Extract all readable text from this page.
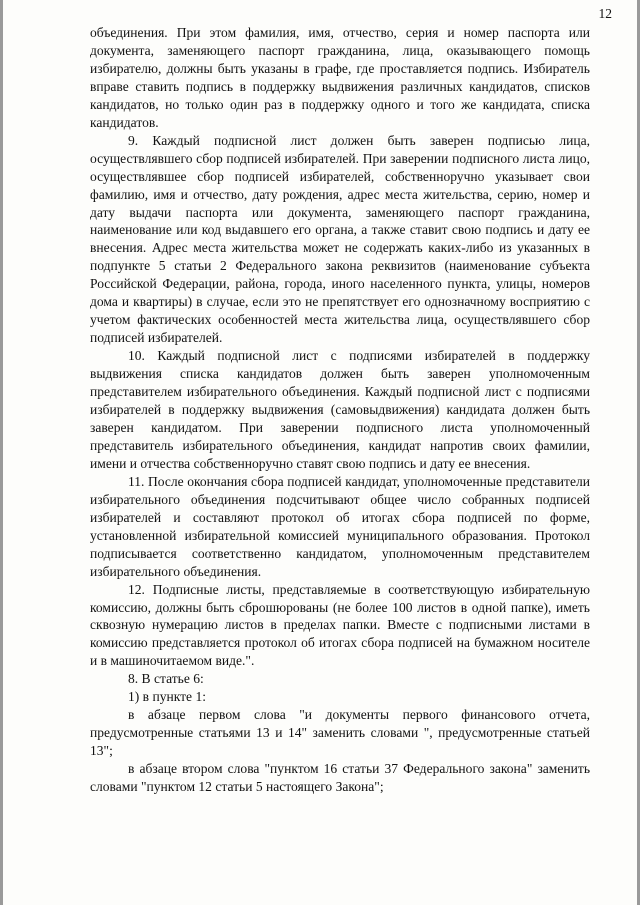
12

объединения. При этом фамилия, имя, отчество, серия и номер паспорта или документа, заменяющего паспорт гражданина, лица, оказывающего помощь избирателю, должны быть указаны в графе, где проставляется подпись. Избиратель вправе ставить подпись в поддержку выдвижения различных кандидатов, списков кандидатов, но только один раз в поддержку одного и того же кандидата, списка кандидатов.

9. Каждый подписной лист должен быть заверен подписью лица, осуществлявшего сбор подписей избирателей. При заверении подписного листа лицо, осуществлявшее сбор подписей избирателей, собственноручно указывает свои фамилию, имя и отчество, дату рождения, адрес места жительства, серию, номер и дату выдачи паспорта или документа, заменяющего паспорт гражданина, наименование или код выдавшего его органа, а также ставит свою подпись и дату ее внесения. Адрес места жительства может не содержать каких-либо из указанных в подпункте 5 статьи 2 Федерального закона реквизитов (наименование субъекта Российской Федерации, района, города, иного населенного пункта, улицы, номеров дома и квартиры) в случае, если это не препятствует его однозначному восприятию с учетом фактических особенностей места жительства лица, осуществлявшего сбор подписей избирателей.

10. Каждый подписной лист с подписями избирателей в поддержку выдвижения списка кандидатов должен быть заверен уполномоченным представителем избирательного объединения. Каждый подписной лист с подписями избирателей в поддержку выдвижения (самовыдвижения) кандидата должен быть заверен кандидатом. При заверении подписного листа уполномоченный представитель избирательного объединения, кандидат напротив своих фамилии, имени и отчества собственноручно ставят свою подпись и дату ее внесения.

11. После окончания сбора подписей кандидат, уполномоченные представители избирательного объединения подсчитывают общее число собранных подписей избирателей и составляют протокол об итогах сбора подписей по форме, установленной избирательной комиссией муниципального образования. Протокол подписывается соответственно кандидатом, уполномоченным представителем избирательного объединения.

12. Подписные листы, представляемые в соответствующую избирательную комиссию, должны быть сброшюрованы (не более 100 листов в одной папке), иметь сквозную нумерацию листов в пределах папки. Вместе с подписными листами в комиссию представляется протокол об итогах сбора подписей на бумажном носителе и в машиночитаемом виде.".

8. В статье 6:

1) в пункте 1:

в абзаце первом слова "и документы первого финансового отчета, предусмотренные статьями 13 и 14" заменить словами ", предусмотренные статьей 13";

в абзаце втором слова "пунктом 16 статьи 37 Федерального закона" заменить словами "пунктом 12 статьи 5 настоящего Закона";
